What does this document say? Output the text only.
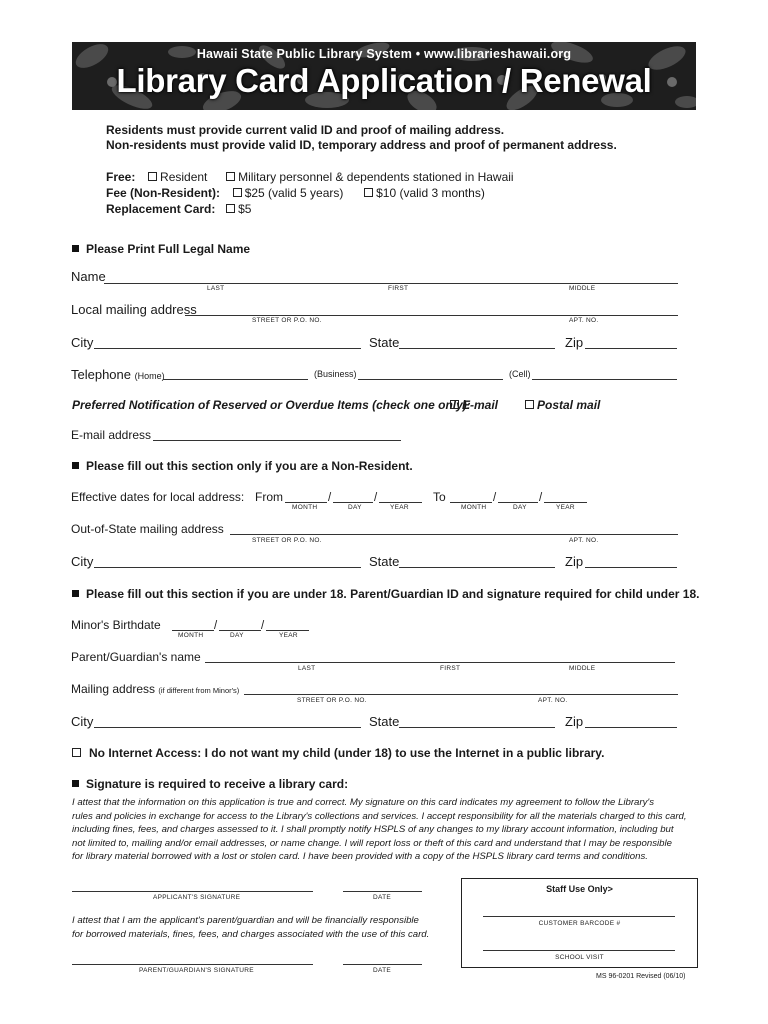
Hawaii State Public Library System • www.librarieshawaii.org
Library Card Application / Renewal
Residents must provide current valid ID and proof of mailing address.
Non-residents must provide valid ID, temporary address and proof of permanent address.
Free: Resident	Military personnel & dependents stationed in Hawaii
Fee (Non-Resident): $25 (valid 5 years)	$10 (valid 3 months)
Replacement Card: $5
Please Print Full Legal Name
Name
LAST	FIRST	MIDDLE
Local mailing address
STREET OR P.O. NO.	APT. NO.
City	State	Zip
Telephone (Home)	(Business)	(Cell)
Preferred Notification of Reserved or Overdue Items (check one only):
E-mail	Postal mail
E-mail address
Please fill out this section only if you are a Non-Resident.
Effective dates for local address: From	/	/
MONTH	DAY	YEAR
To	/	/
MONTH	DAY	YEAR
Out-of-State mailing address
STREET OR P.O. NO.	APT. NO.
City	State	Zip
Please fill out this section if you are under 18. Parent/Guardian ID and signature required for child under 18.
Minor's Birthdate	/	/
MONTH	DAY	YEAR
Parent/Guardian's name
LAST	FIRST	MIDDLE
Mailing address (if different from Minor's)
STREET OR P.O. NO.	APT. NO.
City	State	Zip
No Internet Access: I do not want my child (under 18) to use the Internet in a public library.
Signature is required to receive a library card:
I attest that the information on this application is true and correct. My signature on this card indicates my agreement to follow the Library's
rules and policies in exchange for access to the Library's collections and services. I accept responsibility for all the materials charged to this card,
including fines, fees, and charges assessed to it. I shall promptly notify HSPLS of any changes to my library account information, including but
not limited to, mailing and/or email addresses, or name change. I will report loss or theft of this card and understand that I may be responsible
for library material borrowed with a lost or stolen card. I have been provided with a copy of the HSPLS library card terms and conditions.
APPLICANT'S SIGNATURE	DATE
I attest that I am the applicant's parent/guardian and will be financially responsible
for borrowed materials, fines, fees, and charges associated with the use of this card.
PARENT/GUARDIAN'S SIGNATURE	DATE
Staff Use Only>
CUSTOMER BARCODE #
SCHOOL VISIT
MS 96-0201 Revised (06/10)
